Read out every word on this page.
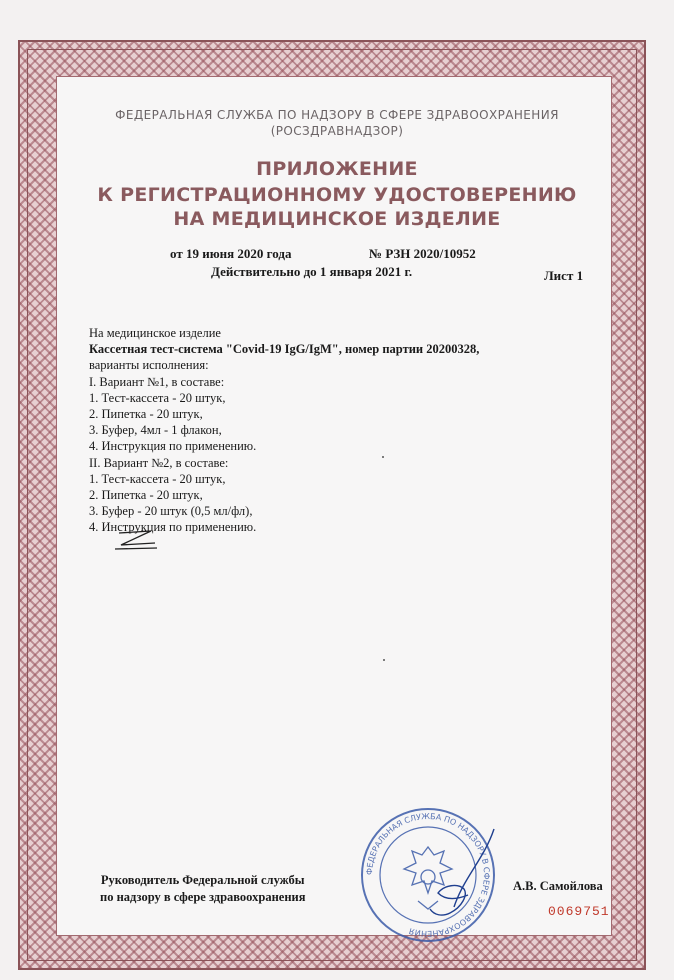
ФЕДЕРАЛЬНАЯ СЛУЖБА ПО НАДЗОРУ В СФЕРЕ ЗДРАВООХРАНЕНИЯ
(РОСЗДРАВНАДЗОР)
ПРИЛОЖЕНИЕ
К РЕГИСТРАЦИОННОМУ УДОСТОВЕРЕНИЮ
НА МЕДИЦИНСКОЕ ИЗДЕЛИЕ
от 19 июня 2020 года	№ РЗН 2020/10952
Действительно до 1 января 2021 г.	Лист 1
На медицинское изделие
Кассетная тест-система "Covid-19 IgG/IgM", номер партии 20200328,
варианты исполнения:
I. Вариант №1, в составе:
1. Тест-кассета - 20 штук,
2. Пипетка - 20 штук,
3. Буфер, 4мл - 1 флакон,
4. Инструкция по применению.
II. Вариант №2, в составе:
1. Тест-кассета - 20 штук,
2. Пипетка - 20 штук,
3. Буфер - 20 штук (0,5 мл/фл),
4. Инструкция по применению.
Руководитель Федеральной службы
по надзору в сфере здравоохранения
ФЕДЕРАЛЬНАЯ СЛУЖБА ПО НАДЗОРУ В СФЕРЕ ЗДРАВООХРАНЕНИЯ
А.В. Самойлова
0069751
